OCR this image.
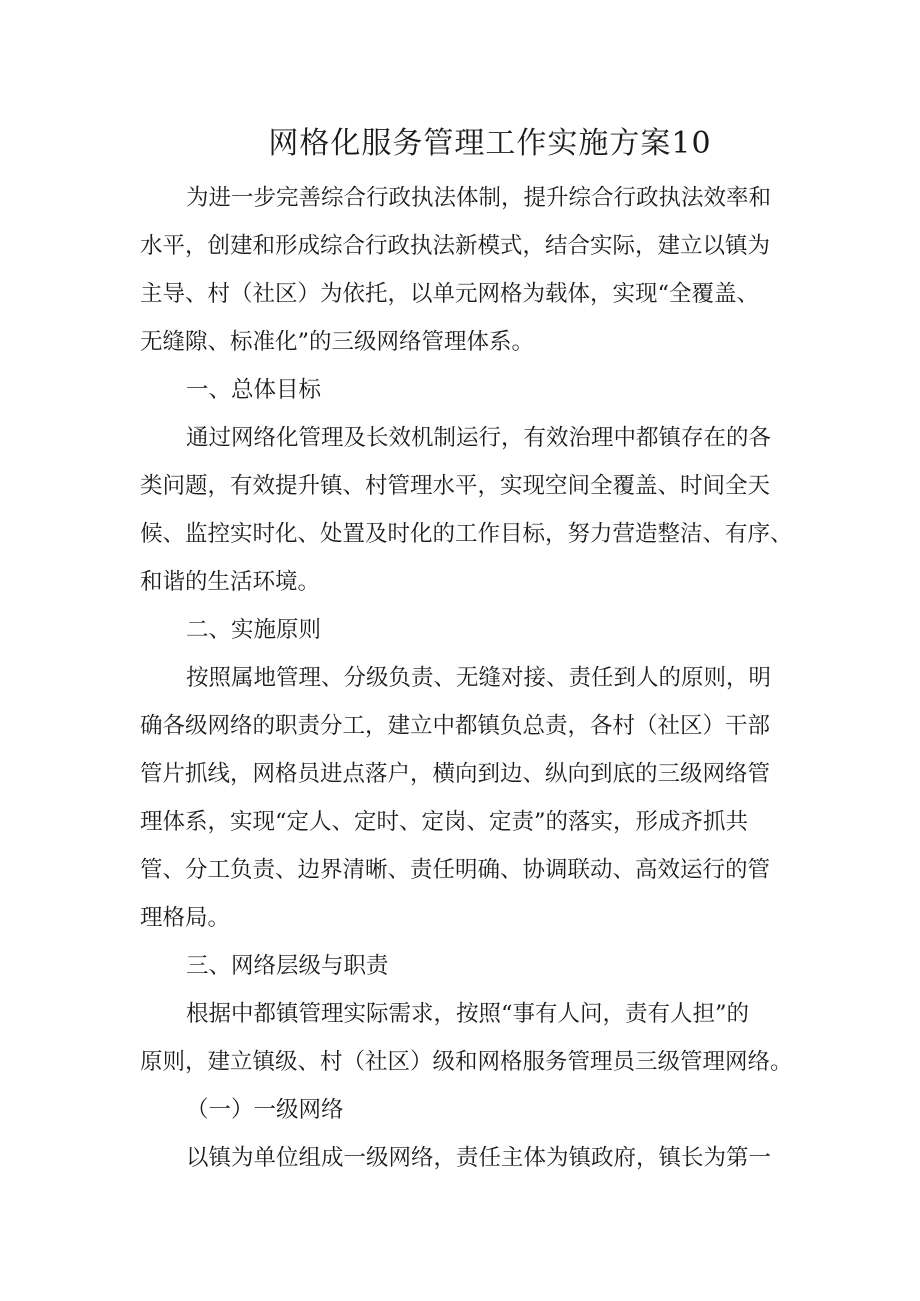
网格化服务管理工作实施方案10
为进一步完善综合行政执法体制，提升综合行政执法效率和
水平，创建和形成综合行政执法新模式，结合实际，建立以镇为
主导、村（社区）为依托，以单元网格为载体，实现“全覆盖、
无缝隙、标准化”的三级网络管理体系。
一、总体目标
通过网络化管理及长效机制运行，有效治理中都镇存在的各
类问题，有效提升镇、村管理水平，实现空间全覆盖、时间全天
候、监控实时化、处置及时化的工作目标，努力营造整洁、有序、
和谐的生活环境。
二、实施原则
按照属地管理、分级负责、无缝对接、责任到人的原则，明
确各级网络的职责分工，建立中都镇负总责，各村（社区）干部
管片抓线，网格员进点落户，横向到边、纵向到底的三级网络管
理体系，实现“定人、定时、定岗、定责”的落实，形成齐抓共
管、分工负责、边界清晰、责任明确、协调联动、高效运行的管
理格局。
三、网络层级与职责
根据中都镇管理实际需求，按照“事有人问，责有人担”的
原则，建立镇级、村（社区）级和网格服务管理员三级管理网络。
（一）一级网络
以镇为单位组成一级网络，责任主体为镇政府，镇长为第一
